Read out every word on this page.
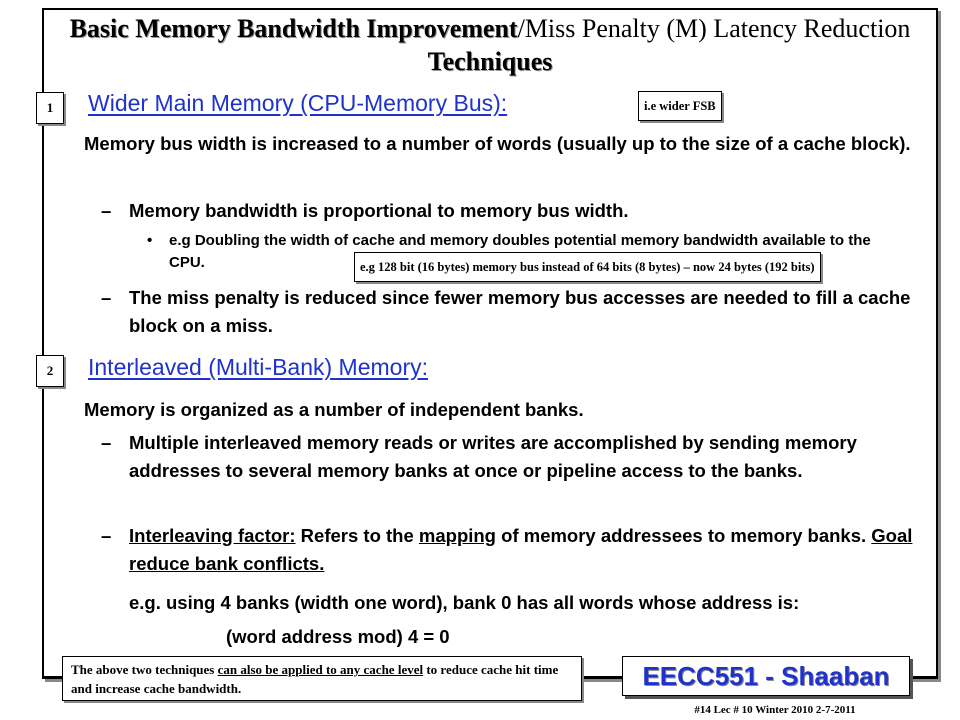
Basic Memory Bandwidth Improvement/Miss Penalty (M) Latency Reduction Techniques
1	Wider Main Memory (CPU-Memory Bus):	i.e wider FSB
Memory bus width is increased to a number of words (usually up to the size of a cache block).
– Memory bandwidth is proportional to memory bus width.
• e.g Doubling the width of cache and memory doubles potential memory bandwidth available to the CPU.	e.g 128 bit (16 bytes) memory bus instead of 64 bits (8 bytes) – now 24 bytes (192 bits)
– The miss penalty is reduced since fewer memory bus accesses are needed to fill a cache block on a miss.
2	Interleaved (Multi-Bank) Memory:
Memory is organized as a number of independent banks.
– Multiple interleaved memory reads or writes are accomplished by sending memory addresses to several memory banks at once or pipeline access to the banks.
– Interleaving factor: Refers to the mapping of memory addressees to memory banks. Goal reduce bank conflicts.
e.g. using 4 banks (width one word), bank 0 has all words whose address is:
(word address mod) 4 = 0
The above two techniques can also be applied to any cache level to reduce cache hit time and increase cache bandwidth.	EECC551 - Shaaban
#14 Lec # 10 Winter 2010 2-7-2011
